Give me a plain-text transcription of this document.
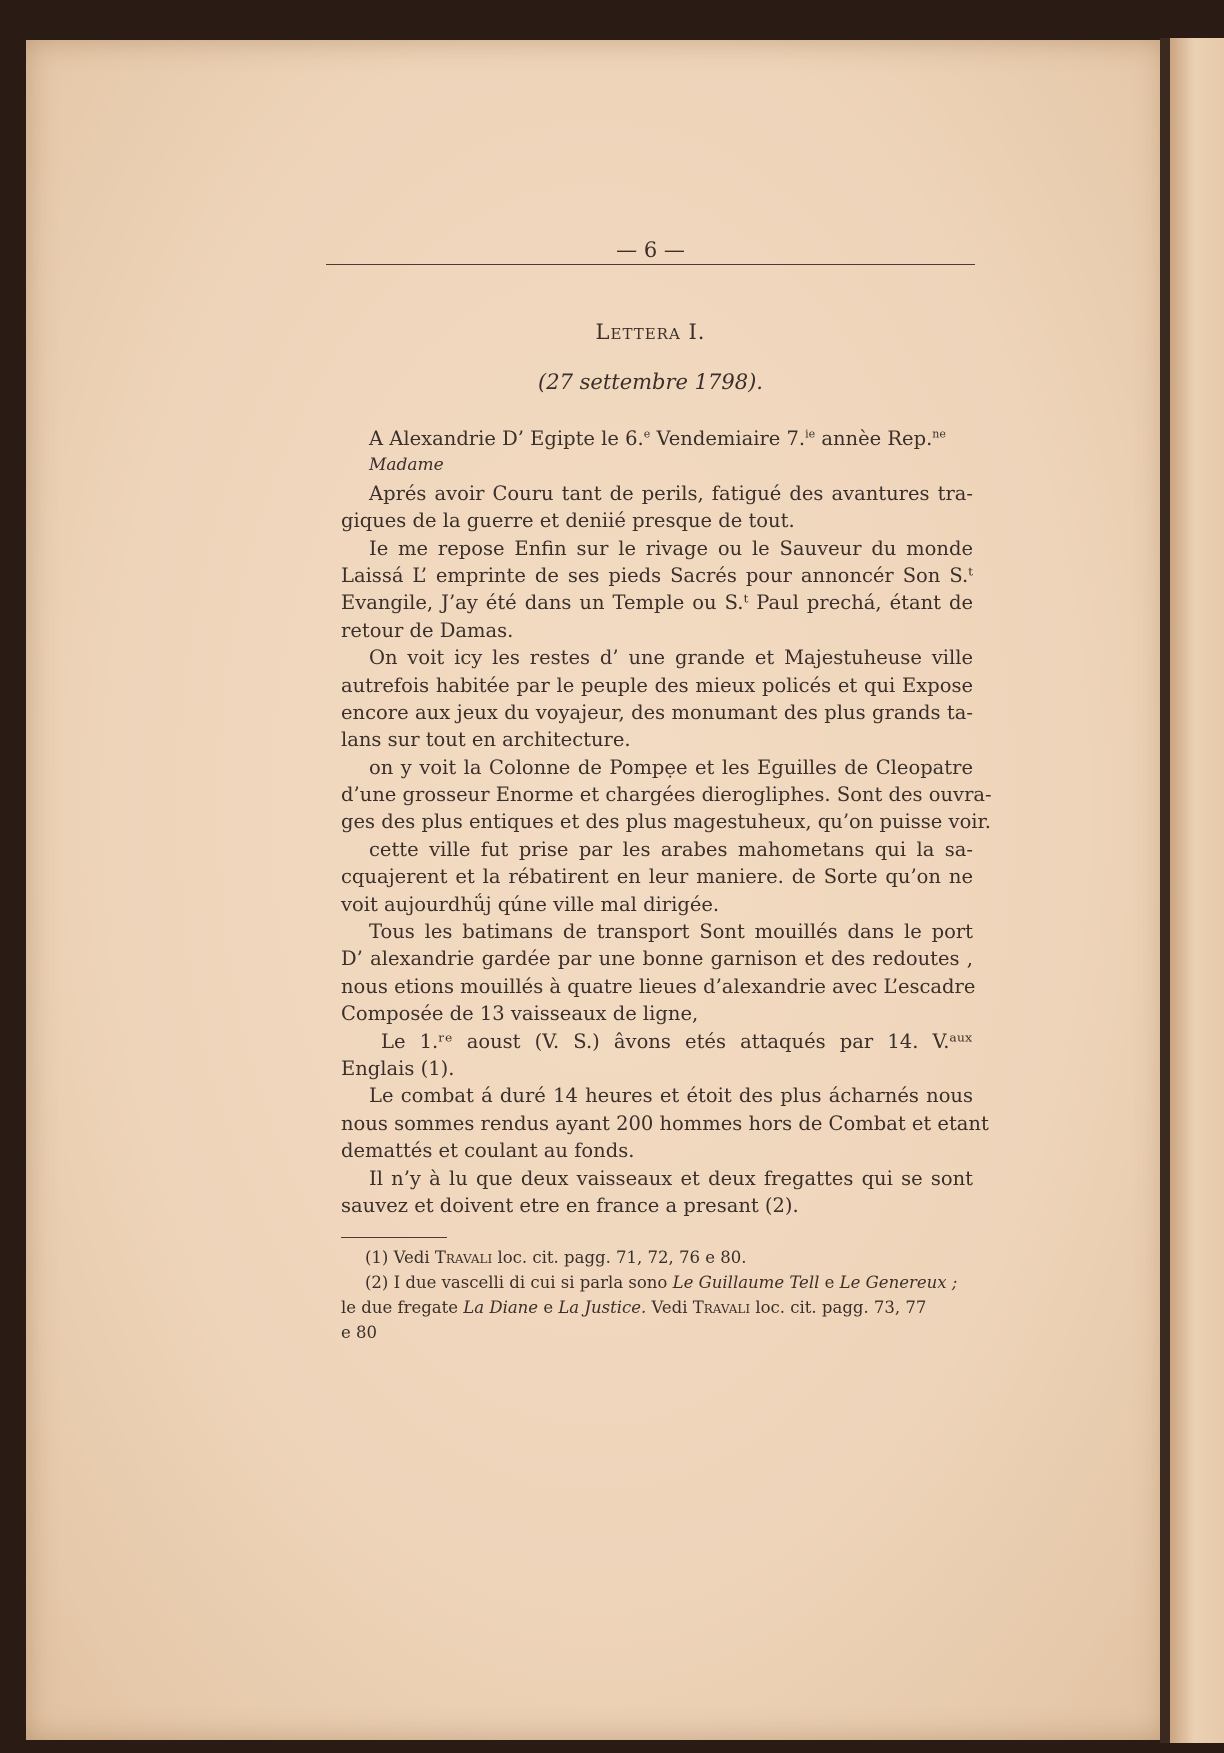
— 6 —
Lettera I.
(27 settembre 1798).
A Alexandrie D’ Egipte le 6.$^e$ Vendemiaire 7.$^{ie}$ annèe Rep.$^{ne}$
Madame
Aprés avoir Couru tant de perils, fatigué des avantures tra-
giques de la guerre et deniié presque de tout.
Ie me repose Enfin sur le rivage ou le Sauveur du monde
Laissá L’ emprinte de ses pieds Sacrés pour annoncér Son S.ᵗ
Evangile, J’ay été dans un Temple ou S.ᵗ Paul prechá, étant de
retour de Damas.
On voit icy les restes d’ une grande et Majestuheuse ville
autrefois habitée par le peuple des mieux policés et qui Expose
encore aux jeux du voyajeur, des monumant des plus grands ta-
lans sur tout en architecture.
on y voit la Colonne de Pompẹe et les Eguilles de Cleopatre
d’une grosseur Enorme et chargées dierogliphes. Sont des ouvra-
ges des plus entiques et des plus magestuheux, qu’on puisse voir.
cette ville fut prise par les arabes mahometans qui la sa-
cquajerent et la rébatirent en leur maniere. de Sorte qu’on ne
voit aujourdhǘj qúne ville mal dirigée.
Tous les batimans de transport Sont mouillés dans le port
D’ alexandrie gardée par une bonne garnison et des redoutes ,
nous etions mouillés à quatre lieues d’alexandrie avec L’escadre
Composée de 13 vaisseaux de ligne,
Le 1.ʳᵉ aoust (V. S.) âvons etés attaqués par 14. V.ᵃᵘˣ
Englais (1).
Le combat á duré 14 heures et étoit des plus ácharnés nous
nous sommes rendus ayant 200 hommes hors de Combat et etant
demattés et coulant au fonds.
Il n’y à lu que deux vaisseaux et deux fregattes qui se sont
sauvez et doivent etre en france a presant (2).
(1) Vedi Travali loc. cit. pagg. 71, 72, 76 e 80.
(2) I due vascelli di cui si parla sono Le Guillaume Tell e Le Genereux ;
le due fregate La Diane e La Justice. Vedi Travali loc. cit. pagg. 73, 77
e 80
